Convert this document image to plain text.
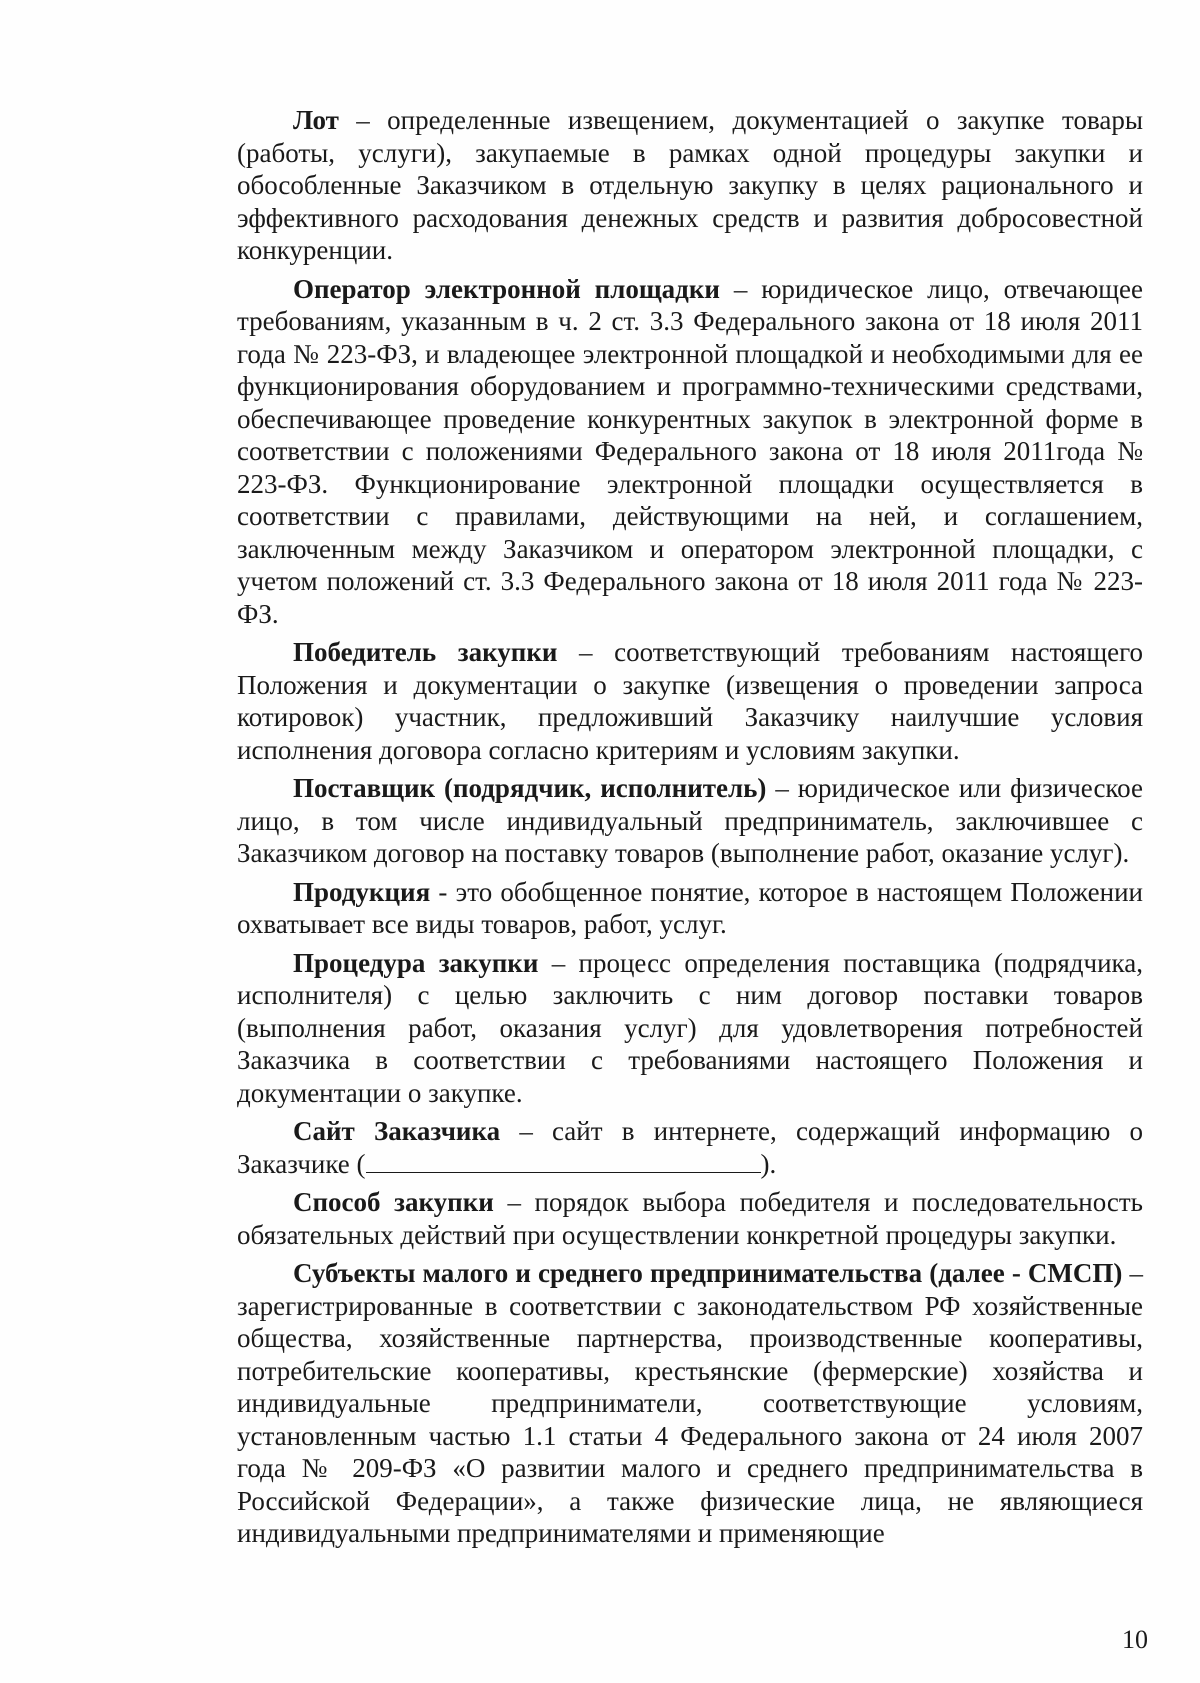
Лот – определенные извещением, документацией о закупке товары (работы, услуги), закупаемые в рамках одной процедуры закупки и обособленные Заказчиком в отдельную закупку в целях рационального и эффективного расходования денежных средств и развития добросовестной конкуренции.

Оператор электронной площадки – юридическое лицо, отвечающее требованиям, указанным в ч. 2 ст. 3.3 Федерального закона от 18 июля 2011 года № 223-ФЗ, и владеющее электронной площадкой и необходимыми для ее функционирования оборудованием и программно-техническими средствами, обеспечивающее проведение конкурентных закупок в электронной форме в соответствии с положениями Федерального закона от 18 июля 2011года № 223-ФЗ. Функционирование электронной площадки осуществляется в соответствии с правилами, действующими на ней, и соглашением, заключенным между Заказчиком и оператором электронной площадки, с учетом положений ст. 3.3 Федерального закона от 18 июля 2011 года № 223-ФЗ.

Победитель закупки – соответствующий требованиям настоящего Положения и документации о закупке (извещения о проведении запроса котировок) участник, предложивший Заказчику наилучшие условия исполнения договора согласно критериям и условиям закупки.

Поставщик (подрядчик, исполнитель) – юридическое или физическое лицо, в том числе индивидуальный предприниматель, заключившее с Заказчиком договор на поставку товаров (выполнение работ, оказание услуг).

Продукция - это обобщенное понятие, которое в настоящем Положении охватывает все виды товаров, работ, услуг.

Процедура закупки – процесс определения поставщика (подрядчика, исполнителя) с целью заключить с ним договор поставки товаров (выполнения работ, оказания услуг) для удовлетворения потребностей Заказчика в соответствии с требованиями настоящего Положения и документации о закупке.

Сайт Заказчика – сайт в интернете, содержащий информацию о Заказчике (	).

Способ закупки – порядок выбора победителя и последовательность обязательных действий при осуществлении конкретной процедуры закупки.

Субъекты малого и среднего предпринимательства (далее - СМСП) – зарегистрированные в соответствии с законодательством РФ хозяйственные общества, хозяйственные партнерства, производственные кооперативы, потребительские кооперативы, крестьянские (фермерские) хозяйства и индивидуальные предприниматели, соответствующие условиям, установленным частью 1.1 статьи 4 Федерального закона от 24 июля 2007 года № 209-ФЗ «О развитии малого и среднего предпринимательства в Российской Федерации», а также физические лица, не являющиеся индивидуальными предпринимателями и применяющие

10
